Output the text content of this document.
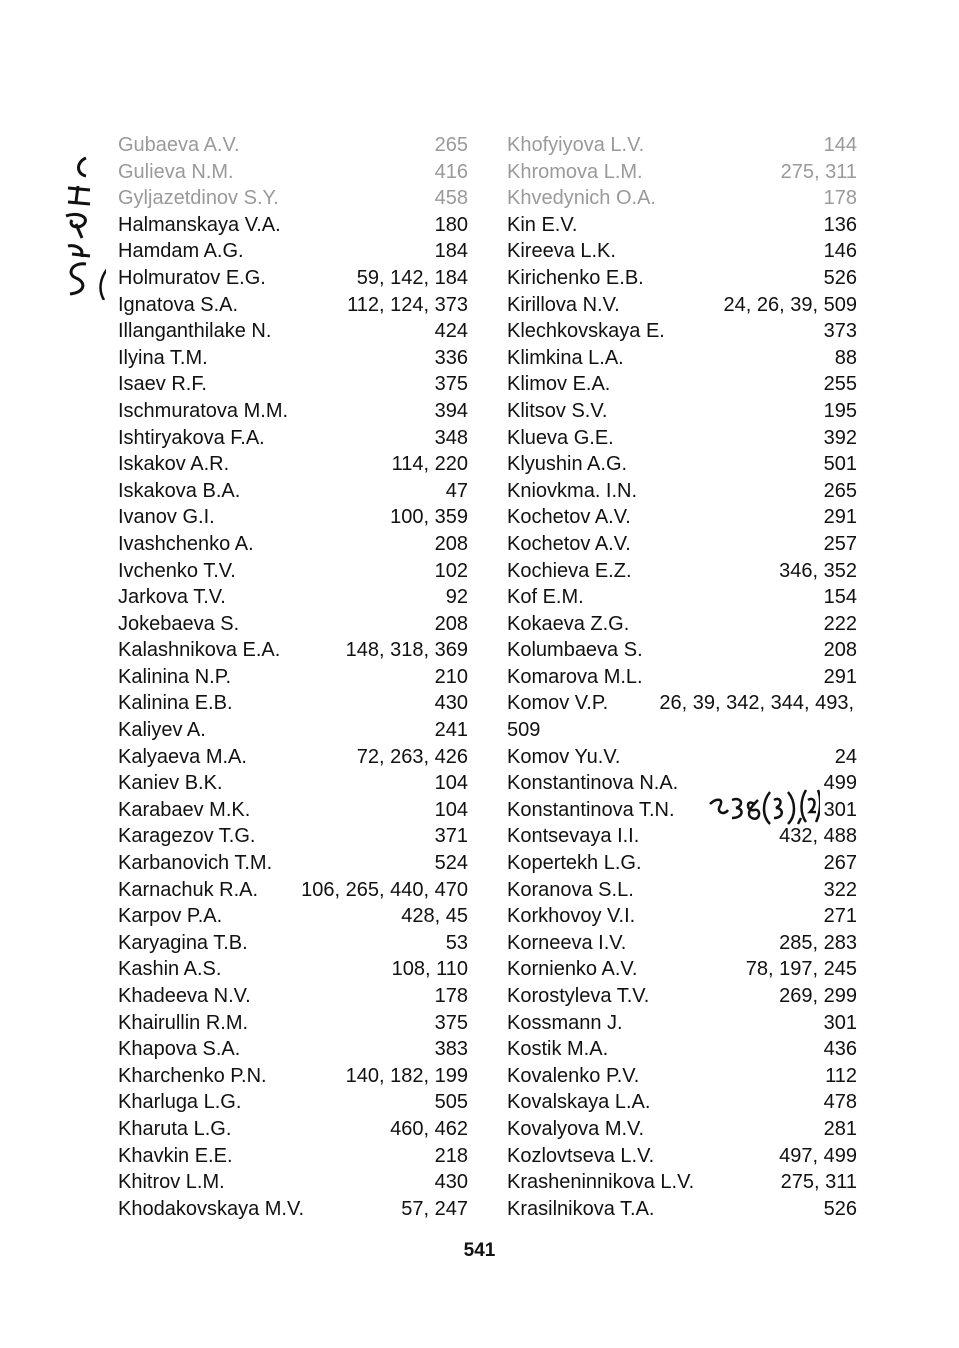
Gubaeva A.V.	265
Gulieva N.M.	416
Gyljazetdinov S.Y.	458
Halmanskaya V.A.	180
Hamdam A.G.	184
Holmuratov E.G.	59, 142, 184
Ignatova S.A.	112, 124, 373
Illanganthilake N.	424
Ilyina T.M.	336
Isaev R.F.	375
Ischmuratova M.M.	394
Ishtiryakova F.A.	348
Iskakov A.R.	114, 220
Iskakova B.A.	47
Ivanov G.I.	100, 359
Ivashchenko A.	208
Ivchenko T.V.	102
Jarkova T.V.	92
Jokebaeva S.	208
Kalashnikova E.A.	148, 318, 369
Kalinina N.P.	210
Kalinina E.B.	430
Kaliyev A.	241
Kalyaeva M.A.	72, 263, 426
Kaniev B.K.	104
Karabaev M.K.	104
Karagezov T.G.	371
Karbanovich T.M.	524
Karnachuk R.A. 106, 265, 440, 470
Karpov P.A.	428, 45
Karyagina T.B.	53
Kashin A.S.	108, 110
Khadeeva N.V.	178
Khairullin R.M.	375
Khapova S.A.	383
Kharchenko P.N.	140, 182, 199
Kharluga L.G.	505
Kharuta L.G.	460, 462
Khavkin E.E.	218
Khitrov L.M.	430
Khodakovskaya M.V.	57, 247
Khofyiyova L.V.	144
Khromova L.M.	275, 311
Khvedynich O.A.	178
Kin E.V.	136
Kireeva L.K.	146
Kirichenko E.B.	526
Kirillova N.V.	24, 26, 39, 509
Klechkovskaya E.	373
Klimkina L.A.	88
Klimov E.A.	255
Klitsov S.V.	195
Klueva G.E.	392
Klyushin A.G.	501
Kniovkma. I.N.	265
Kochetov A.V.	291
Kochetov A.V.	257
Kochieva E.Z.	346, 352
Kof E.M.	154
Kokaeva Z.G.	222
Kolumbaeva S.	208
Komarova M.L.	291
Komov V.P.	26, 39, 342, 344, 493,
509
Komov Yu.V.	24
Konstantinova N.A.	499
Konstantinova T.N.	301
Kontsevaya I.I.	432, 488
Kopertekh L.G.	267
Koranova S.L.	322
Korkhovoy V.I.	271
Korneeva I.V.	285, 283
Kornienko A.V.	78, 197, 245
Korostyleva T.V.	269, 299
Kossmann J.	301
Kostik M.A.	436
Kovalenko P.V.	112
Kovalskaya L.A.	478
Kovalyova M.V.	281
Kozlovtseva L.V.	497, 499
Krasheninnikova L.V.	275, 311
Krasilnikova T.A.	526
541
